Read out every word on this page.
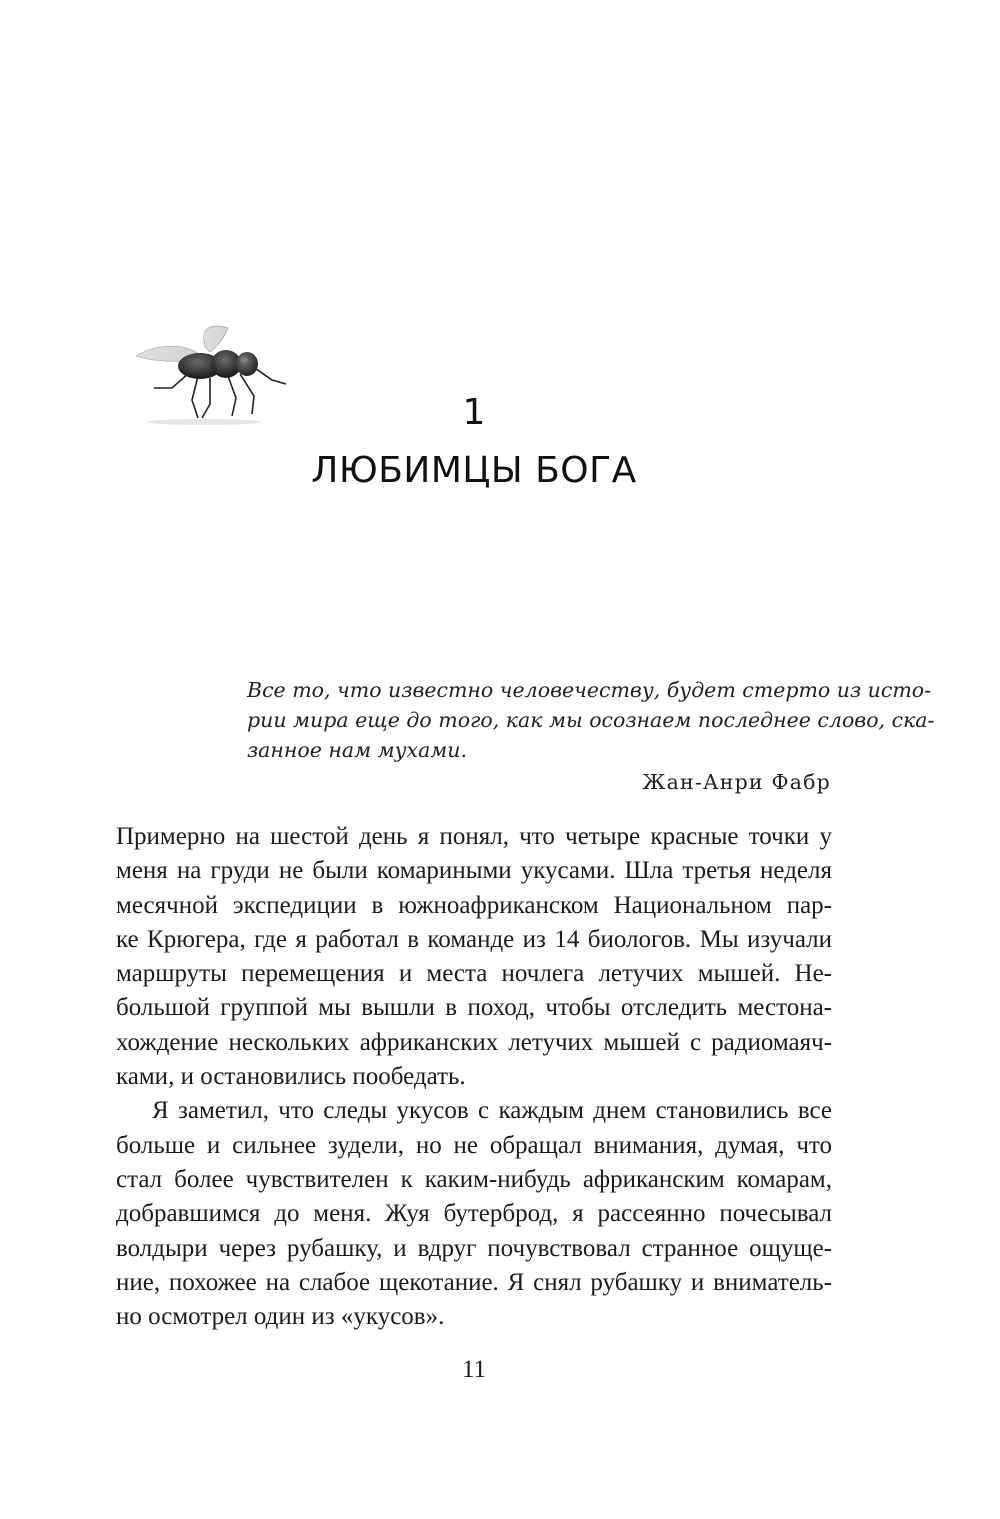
1
ЛЮБИМЦЫ БОГА
Все то, что известно человечеству, будет стерто из исто-
рии мира еще до того, как мы осознаем последнее слово, ска-
занное нам мухами.
Жан-Анри Фабр
Примерно на шестой день я понял, что четыре красные точки у
меня на груди не были комариными укусами. Шла третья неделя
месячной экспедиции в южноафриканском Национальном пар-
ке Крюгера, где я работал в команде из 14 биологов. Мы изучали
маршруты перемещения и места ночлега летучих мышей. Не-
большой группой мы вышли в поход, чтобы отследить местона-
хождение нескольких африканских летучих мышей с радиомаяч-
ками, и остановились пообедать.
Я заметил, что следы укусов с каждым днем становились все
больше и сильнее зудели, но не обращал внимания, думая, что
стал более чувствителен к каким-нибудь африканским комарам,
добравшимся до меня. Жуя бутерброд, я рассеянно почесывал
волдыри через рубашку, и вдруг почувствовал странное ощуще-
ние, похожее на слабое щекотание. Я снял рубашку и вниматель-
но осмотрел один из «укусов».
11
